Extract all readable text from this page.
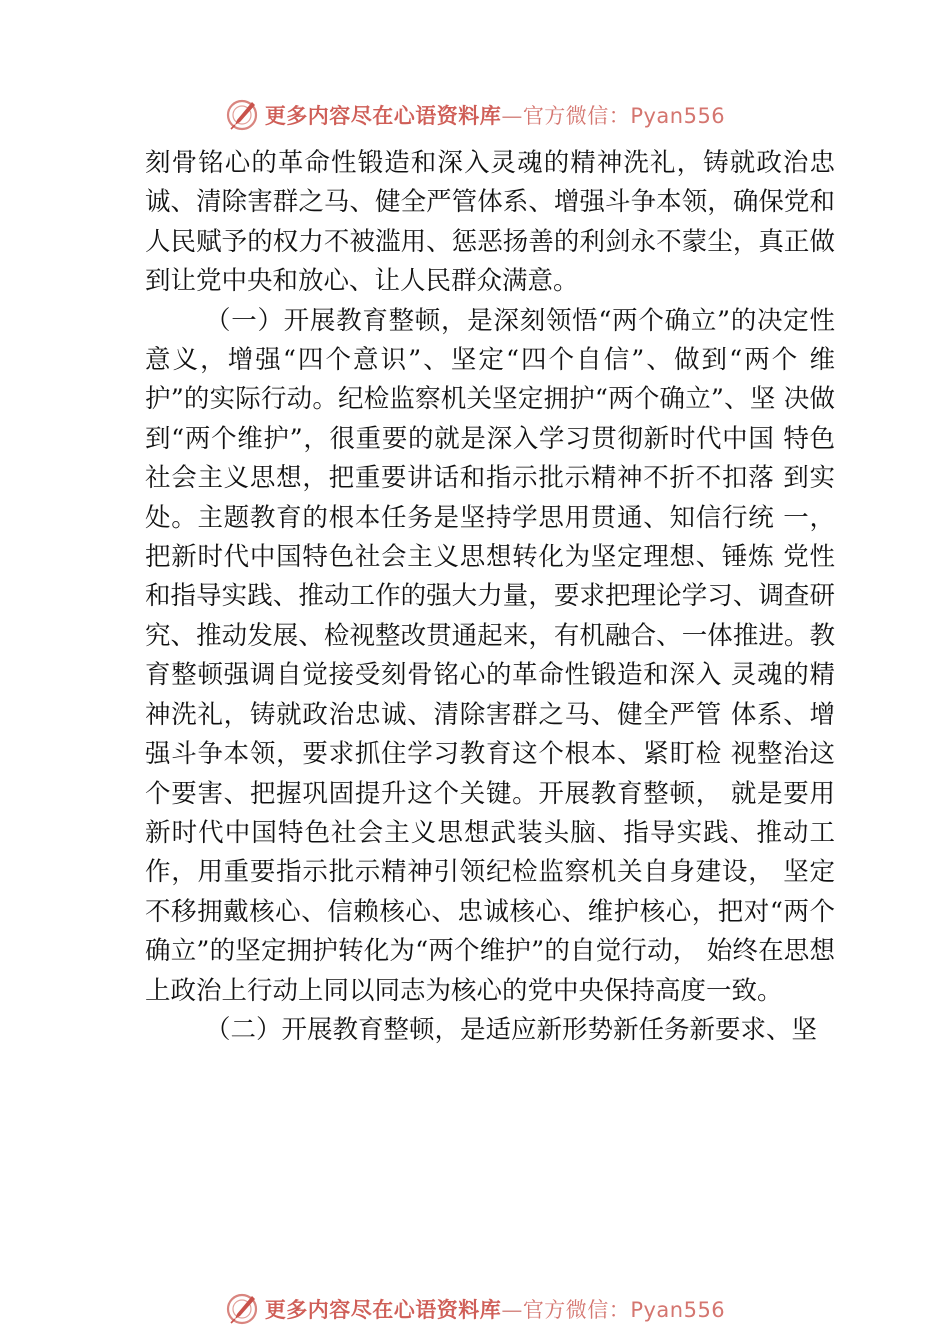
更多内容尽在心语资料库—官方微信：Pyan556

刻骨铭心的革命性锻造和深入灵魂的精神洗礼，铸就政治忠诚、清除害群之马、健全严管体系、增强斗争本领，确保党和人民赋予的权力不被滥用、惩恶扬善的利剑永不蒙尘，真正做到让党中央和放心、让人民群众满意。

（一）开展教育整顿，是深刻领悟“两个确立”的决定性意义，增强“四个意识”、坚定“四个自信”、做到“两个 维护”的实际行动。纪检监察机关坚定拥护“两个确立”、坚 决做到“两个维护”，很重要的就是深入学习贯彻新时代中国 特色社会主义思想，把重要讲话和指示批示精神不折不扣落 到实处。主题教育的根本任务是坚持学思用贯通、知信行统 一，把新时代中国特色社会主义思想转化为坚定理想、锤炼 党性和指导实践、推动工作的强大力量，要求把理论学习、调查研究、推动发展、检视整改贯通起来，有机融合、一体推进。教育整顿强调自觉接受刻骨铭心的革命性锻造和深入 灵魂的精神洗礼，铸就政治忠诚、清除害群之马、健全严管 体系、增强斗争本领，要求抓住学习教育这个根本、紧盯检 视整治这个要害、把握巩固提升这个关键。开展教育整顿， 就是要用新时代中国特色社会主义思想武装头脑、指导实践、推动工作，用重要指示批示精神引领纪检监察机关自身建设， 坚定不移拥戴核心、信赖核心、忠诚核心、维护核心，把对“两个确立”的坚定拥护转化为“两个维护”的自觉行动， 始终在思想上政治上行动上同以同志为核心的党中央保持高度一致。

（二）开展教育整顿，是适应新形势新任务新要求、坚

更多内容尽在心语资料库—官方微信：Pyan556
